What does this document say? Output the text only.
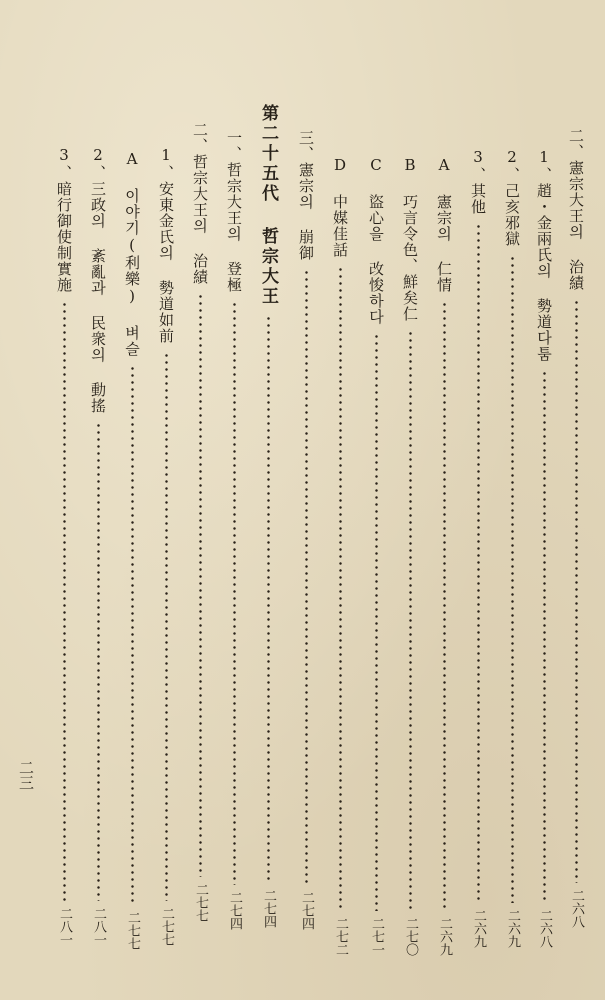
二、憲宗大王의 治績
二六八
1、趙・金兩氏의 勢道다툼
二六八
2、己亥邪獄
二六九
3、其他
二六九
A 憲宗의 仁情
二六九
B 巧言令色、鮮矣仁
二七〇
C 盜心을 改悛하다
二七一
D 中媒佳話
二七二
三、憲宗의 崩御
二七四
第二十五代 哲宗大王
二七四
一、哲宗大王의 登極
二七四
二、哲宗大王의 治績
二七七
1、安東金氏의 勢道如前
二七七
A 이야기(利樂) 벼슬
二七七
2、三政의 紊亂과 民衆의 動搖
二八一
3、暗行御使制實施
二八一
二三
